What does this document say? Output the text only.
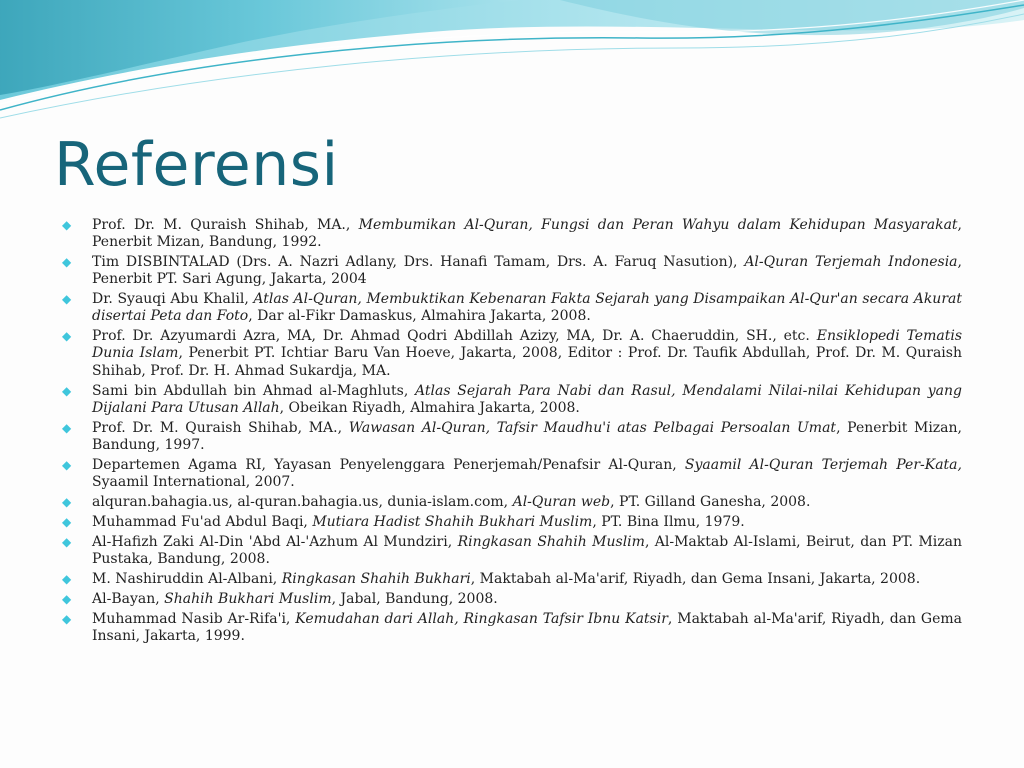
Referensi
◆ Prof. Dr. M. Quraish Shihab, MA., Membumikan Al-Quran, Fungsi dan Peran Wahyu dalam Kehidupan Masyarakat, Penerbit Mizan, Bandung, 1992.
◆ Tim DISBINTALAD (Drs. A. Nazri Adlany, Drs. Hanafi Tamam, Drs. A. Faruq Nasution), Al-Quran Terjemah Indonesia, Penerbit PT. Sari Agung, Jakarta, 2004
◆ Dr. Syauqi Abu Khalil, Atlas Al-Quran, Membuktikan Kebenaran Fakta Sejarah yang Disampaikan Al-Qur'an secara Akurat disertai Peta dan Foto, Dar al-Fikr Damaskus, Almahira Jakarta, 2008.
◆ Prof. Dr. Azyumardi Azra, MA, Dr. Ahmad Qodri Abdillah Azizy, MA, Dr. A. Chaeruddin, SH., etc. Ensiklopedi Tematis Dunia Islam, Penerbit PT. Ichtiar Baru Van Hoeve, Jakarta, 2008, Editor : Prof. Dr. Taufik Abdullah, Prof. Dr. M. Quraish Shihab, Prof. Dr. H. Ahmad Sukardja, MA.
◆ Sami bin Abdullah bin Ahmad al-Maghluts, Atlas Sejarah Para Nabi dan Rasul, Mendalami Nilai-nilai Kehidupan yang Dijalani Para Utusan Allah, Obeikan Riyadh, Almahira Jakarta, 2008.
◆ Prof. Dr. M. Quraish Shihab, MA., Wawasan Al-Quran, Tafsir Maudhu'i atas Pelbagai Persoalan Umat, Penerbit Mizan, Bandung, 1997.
◆ Departemen Agama RI, Yayasan Penyelenggara Penerjemah/Penafsir Al-Quran, Syaamil Al-Quran Terjemah Per-Kata, Syaamil International, 2007.
◆ alquran.bahagia.us, al-quran.bahagia.us, dunia-islam.com, Al-Quran web, PT. Gilland Ganesha, 2008.
◆ Muhammad Fu'ad Abdul Baqi, Mutiara Hadist Shahih Bukhari Muslim, PT. Bina Ilmu, 1979.
◆ Al-Hafizh Zaki Al-Din 'Abd Al-'Azhum Al Mundziri, Ringkasan Shahih Muslim, Al-Maktab Al-Islami, Beirut, dan PT. Mizan Pustaka, Bandung, 2008.
◆ M. Nashiruddin Al-Albani, Ringkasan Shahih Bukhari, Maktabah al-Ma'arif, Riyadh, dan Gema Insani, Jakarta, 2008.
◆ Al-Bayan, Shahih Bukhari Muslim, Jabal, Bandung, 2008.
◆ Muhammad Nasib Ar-Rifa'i, Kemudahan dari Allah, Ringkasan Tafsir Ibnu Katsir, Maktabah al-Ma'arif, Riyadh, dan Gema Insani, Jakarta, 1999.
